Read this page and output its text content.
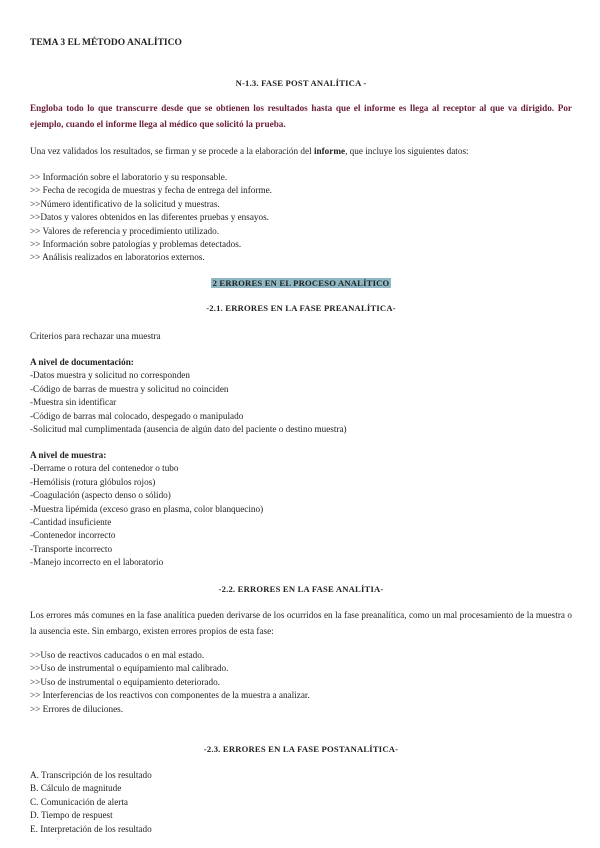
TEMA 3 EL MÉTODO ANALÍTICO
N-1.3. FASE POST ANALÍTICA -
Engloba todo lo que transcurre desde que se obtienen los resultados hasta que el informe es llega al receptor al que va dirigido. Por ejemplo, cuando el informe llega al médico que solicitó la prueba.
Una vez validados los resultados, se firman y se procede a la elaboración del informe, que incluye los siguientes datos:
>> Información sobre el laboratorio y su responsable.
>> Fecha de recogida de muestras y fecha de entrega del informe.
>>Número identificativo de la solicitud y muestras.
>>Datos y valores obtenidos en las diferentes pruebas y ensayos.
>> Valores de referencia y procedimiento utilizado.
>> Información sobre patologías y problemas detectados.
>> Análisis realizados en laboratorios externos.
2 ERRORES EN EL PROCESO ANALÍTICO
-2.1. ERRORES EN LA FASE PREANALÍTICA-
Criterios para rechazar una muestra
A nivel de documentación:
-Datos muestra y solicitud no corresponden
-Código de barras de muestra y solicitud no coinciden
-Muestra sin identificar
-Código de barras mal colocado, despegado o manipulado
-Solicitud mal cumplimentada (ausencia de algún dato del paciente o destino muestra)
A nivel de muestra:
-Derrame o rotura del contenedor o tubo
-Hemólisis (rotura glóbulos rojos)
-Coagulación (aspecto denso o sólido)
-Muestra lipémida (exceso graso en plasma, color blanquecino)
-Cantidad insuficiente
-Contenedor incorrecto
-Transporte incorrecto
-Manejo incorrecto en el laboratorio
-2.2. ERRORES EN LA FASE ANALÍTIA-
Los errores más comunes en la fase analítica pueden derivarse de los ocurridos en la fase preanalítica, como un mal procesamiento de la muestra o la ausencia este. Sin embargo, existen errores propios de esta fase:
>>Uso de reactivos caducados o en mal estado.
>>Uso de instrumental o equipamiento mal calibrado.
>>Uso de instrumental o equipamiento deteriorado.
>> Interferencias de los reactivos con componentes de la muestra a analizar.
>> Errores de diluciones.
-2.3. ERRORES EN LA FASE POSTANALÍTICA-
A. Transcripción de los resultado
B. Cálculo de magnitude
C. Comunicación de alerta
D. Tiempo de respuest
E. Interpretación de los resultado
